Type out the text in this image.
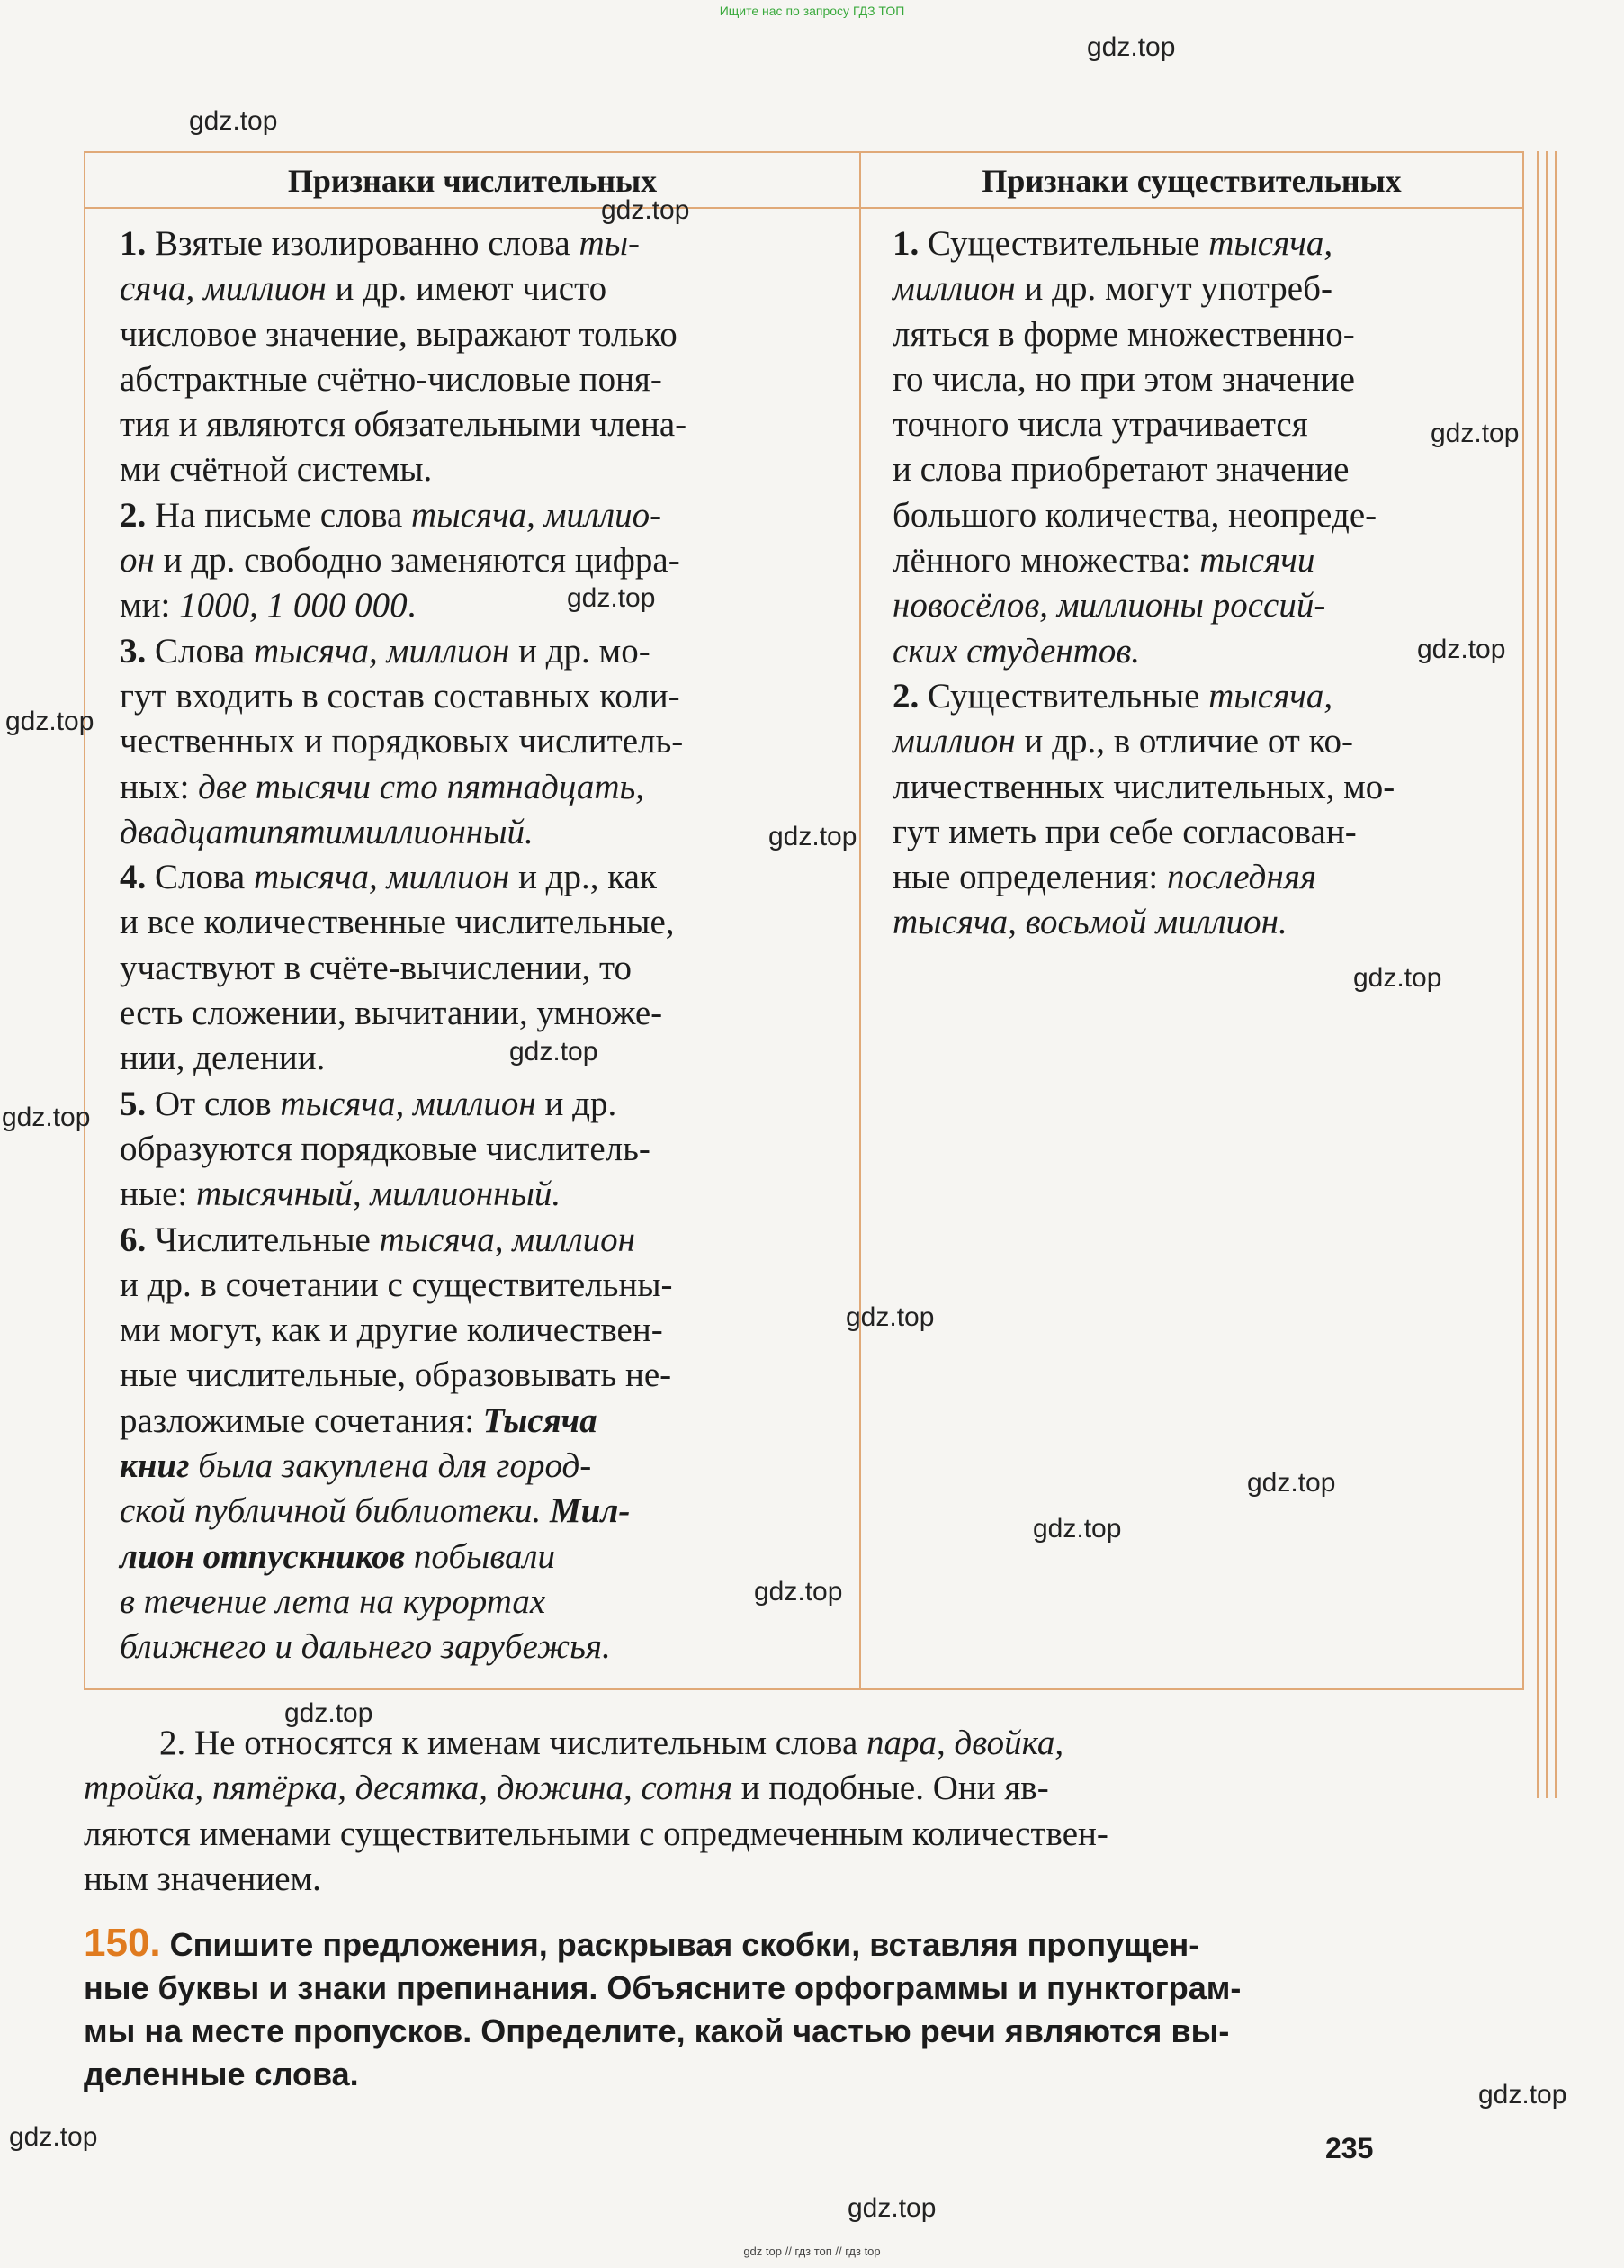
Ищите нас по запросу ГДЗ ТОП
Признаки числительных	Признаки существительных
1. Взятые изолированно слова ты-
сяча, миллион и др. имеют чисто
числовое значение, выражают только
абстрактные счётно-числовые поня-
тия и являются обязательными члена-
ми счётной системы.
2. На письме слова тысяча, миллио-
он и др. свободно заменяются цифра-
ми: 1000, 1 000 000.
3. Слова тысяча, миллион и др. мо-
гут входить в состав составных коли-
чественных и порядковых числитель-
ных: две тысячи сто пятнадцать,
двадцатипятимиллионный.
4. Слова тысяча, миллион и др., как
и все количественные числительные,
участвуют в счёте-вычислении, то
есть сложении, вычитании, умноже-
нии, делении.
5. От слов тысяча, миллион и др.
образуются порядковые числитель-
ные: тысячный, миллионный.
6. Числительные тысяча, миллион
и др. в сочетании с существительны-
ми могут, как и другие количествен-
ные числительные, образовывать не-
разложимые сочетания: Тысяча
книг была закуплена для город-
ской публичной библиотеки. Мил-
лион отпускников побывали
в течение лета на курортах
ближнего и дальнего зарубежья.
1. Существительные тысяча,
миллион и др. могут употреб-
ляться в форме множественно-
го числа, но при этом значение
точного числа утрачивается
и слова приобретают значение
большого количества, неопреде-
лённого множества: тысячи
новосёлов, миллионы россий-
ских студентов.
2. Существительные тысяча,
миллион и др., в отличие от ко-
личественных числительных, мо-
гут иметь при себе согласован-
ные определения: последняя
тысяча, восьмой миллион.
2. Не относятся к именам числительным слова пара, двойка,
тройка, пятёрка, десятка, дюжина, сотня и подобные. Они яв-
ляются именами существительными с опредмеченным количествен-
ным значением.
150. Спишите предложения, раскрывая скобки, вставляя пропущен-
ные буквы и знаки препинания. Объясните орфограммы и пунктограм-
мы на месте пропусков. Определите, какой частью речи являются вы-
деленные слова.
235
gdz top // гдз топ // гдз top
gdz.top
gdz.top
gdz.top
gdz.top
gdz.top
gdz.top
gdz.top
gdz.top
gdz.top
gdz.top
gdz.top
gdz.top
gdz.top
gdz.top
gdz.top
gdz.top
gdz.top
gdz.top
gdz.top
